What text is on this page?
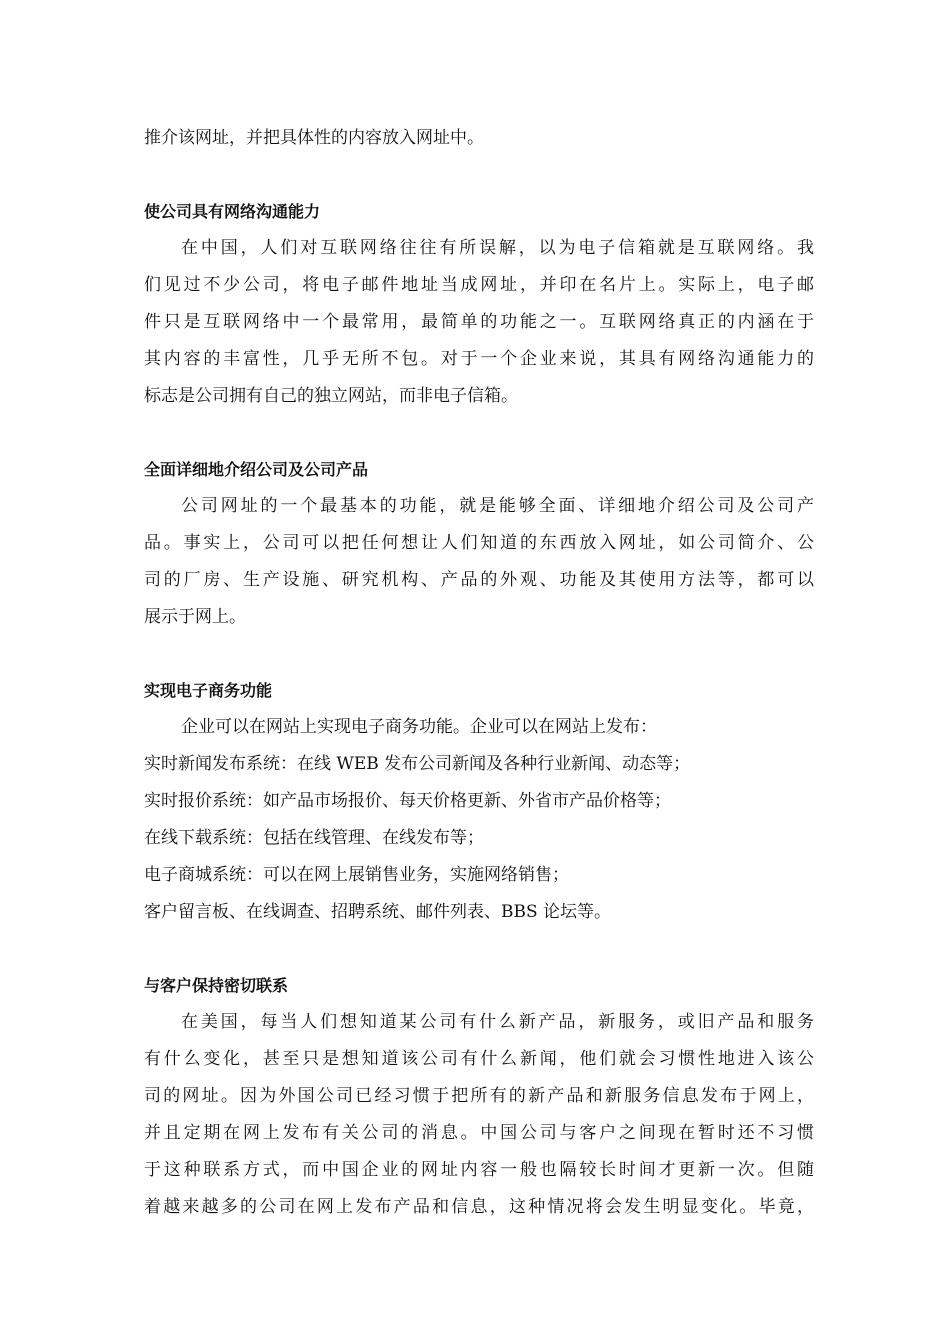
推介该网址，并把具体性的内容放入网址中。
使公司具有网络沟通能力
在中国，人们对互联网络往往有所误解，以为电子信箱就是互联网络。我
们见过不少公司，将电子邮件地址当成网址，并印在名片上。实际上，电子邮
件只是互联网络中一个最常用，最简单的功能之一。互联网络真正的内涵在于
其内容的丰富性，几乎无所不包。对于一个企业来说，其具有网络沟通能力的
标志是公司拥有自己的独立网站，而非电子信箱。
全面详细地介绍公司及公司产品
公司网址的一个最基本的功能，就是能够全面、详细地介绍公司及公司产
品。事实上，公司可以把任何想让人们知道的东西放入网址，如公司简介、公
司的厂房、生产设施、研究机构、产品的外观、功能及其使用方法等，都可以
展示于网上。
实现电子商务功能
企业可以在网站上实现电子商务功能。企业可以在网站上发布：
实时新闻发布系统：在线 WEB 发布公司新闻及各种行业新闻、动态等；
实时报价系统：如产品市场报价、每天价格更新、外省市产品价格等；
在线下载系统：包括在线管理、在线发布等；
电子商城系统：可以在网上展销售业务，实施网络销售；
客户留言板、在线调查、招聘系统、邮件列表、BBS 论坛等。
与客户保持密切联系
在美国，每当人们想知道某公司有什么新产品，新服务，或旧产品和服务
有什么变化，甚至只是想知道该公司有什么新闻，他们就会习惯性地进入该公
司的网址。因为外国公司已经习惯于把所有的新产品和新服务信息发布于网上，
并且定期在网上发布有关公司的消息。中国公司与客户之间现在暂时还不习惯
于这种联系方式，而中国企业的网址内容一般也隔较长时间才更新一次。但随
着越来越多的公司在网上发布产品和信息，这种情况将会发生明显变化。毕竟，
